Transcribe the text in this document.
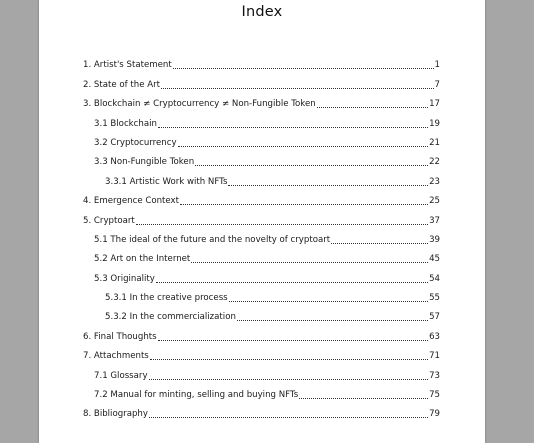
Index
1. Artist's Statement	1
2. State of the Art	7
3. Blockchain ≠ Cryptocurrency ≠ Non-Fungible Token	17
3.1 Blockchain	19
3.2 Cryptocurrency	21
3.3 Non-Fungible Token	22
3.3.1 Artistic Work with NFTs	23
4. Emergence Context	25
5. Cryptoart	37
5.1 The ideal of the future and the novelty of cryptoart	39
5.2 Art on the Internet	45
5.3 Originality	54
5.3.1 In the creative process	55
5.3.2 In the commercialization	57
6. Final Thoughts	63
7. Attachments	71
7.1 Glossary	73
7.2 Manual for minting, selling and buying NFTs	75
8. Bibliography	79
